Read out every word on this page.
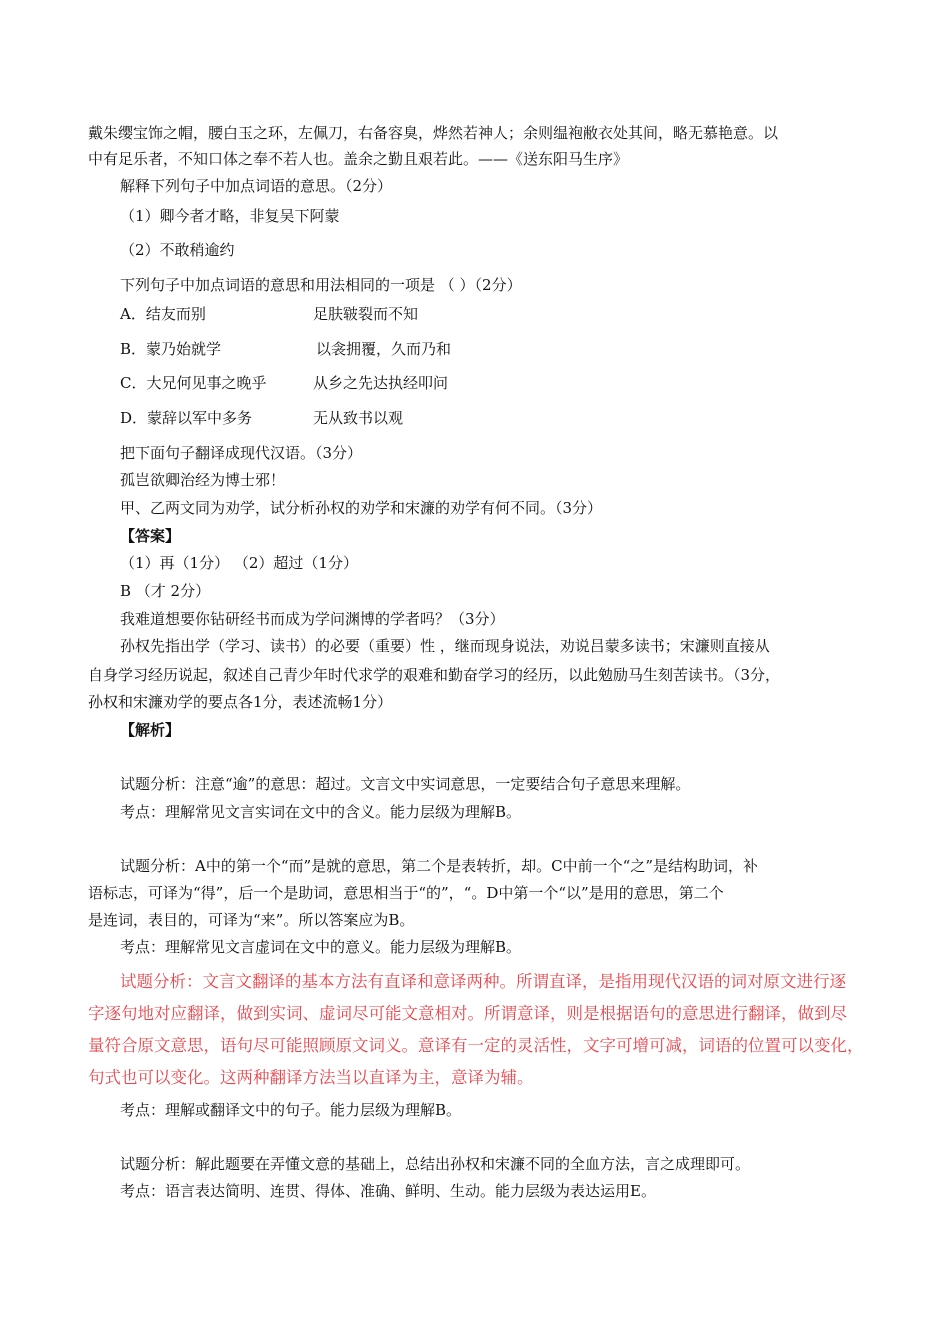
戴朱缨宝饰之帽，腰白玉之环，左佩刀，右备容臭，烨然若神人；余则缊袍敝衣处其间，略无慕艳意。以

中有足乐者，不知口体之奉不若人也。盖余之勤且艰若此。——《送东阳马生序》

解释下列句子中加点词语的意思。（2分）

（1）卿今者才略，非复吴下阿蒙

（2）不敢稍逾约

下列句子中加点词语的意思和用法相同的一项是 （ ）（2分）

A．结友而别	足肤皲裂而不知
B．蒙乃始就学	以衾拥覆，久而乃和
C．大兄何见事之晚乎	从乡之先达执经叩问
D．蒙辞以军中多务	无从致书以观

把下面句子翻译成现代汉语。（3分）

孤岂欲卿治经为博士邪！

甲、乙两文同为劝学，试分析孙权的劝学和宋濂的劝学有何不同。（3分）

【答案】

（1）再（1分） （2）超过（1分）

B （才 2分）

我难道想要你钻研经书而成为学问渊博的学者吗？（3分）

孙权先指出学（学习、读书）的必要（重要）性 ，继而现身说法，劝说吕蒙多读书；宋濂则直接从

自身学习经历说起，叙述自己青少年时代求学的艰难和勤奋学习的经历，以此勉励马生刻苦读书。（3分，

孙权和宋濂劝学的要点各1分，表述流畅1分）

【解析】

试题分析：注意“逾”的意思：超过。文言文中实词意思，一定要结合句子意思来理解。

考点：理解常见文言实词在文中的含义。能力层级为理解B。

试题分析：A中的第一个“而”是就的意思，第二个是表转折，却。C中前一个“之”是结构助词，补

语标志，可译为“得”，后一个是助词，意思相当于“的”，“。D中第一个“以”是用的意思，第二个

是连词，表目的，可译为“来”。所以答案应为B。

考点：理解常见文言虚词在文中的意义。能力层级为理解B。

试题分析：文言文翻译的基本方法有直译和意译两种。所谓直译，是指用现代汉语的词对原文进行逐

字逐句地对应翻译，做到实词、虚词尽可能文意相对。所谓意译，则是根据语句的意思进行翻译，做到尽

量符合原文意思，语句尽可能照顾原文词义。意译有一定的灵活性，文字可增可减，词语的位置可以变化，

句式也可以变化。这两种翻译方法当以直译为主，意译为辅。

考点：理解或翻译文中的句子。能力层级为理解B。

试题分析：解此题要在弄懂文意的基础上，总结出孙权和宋濂不同的全血方法，言之成理即可。

考点：语言表达简明、连贯、得体、准确、鲜明、生动。能力层级为表达运用E。
